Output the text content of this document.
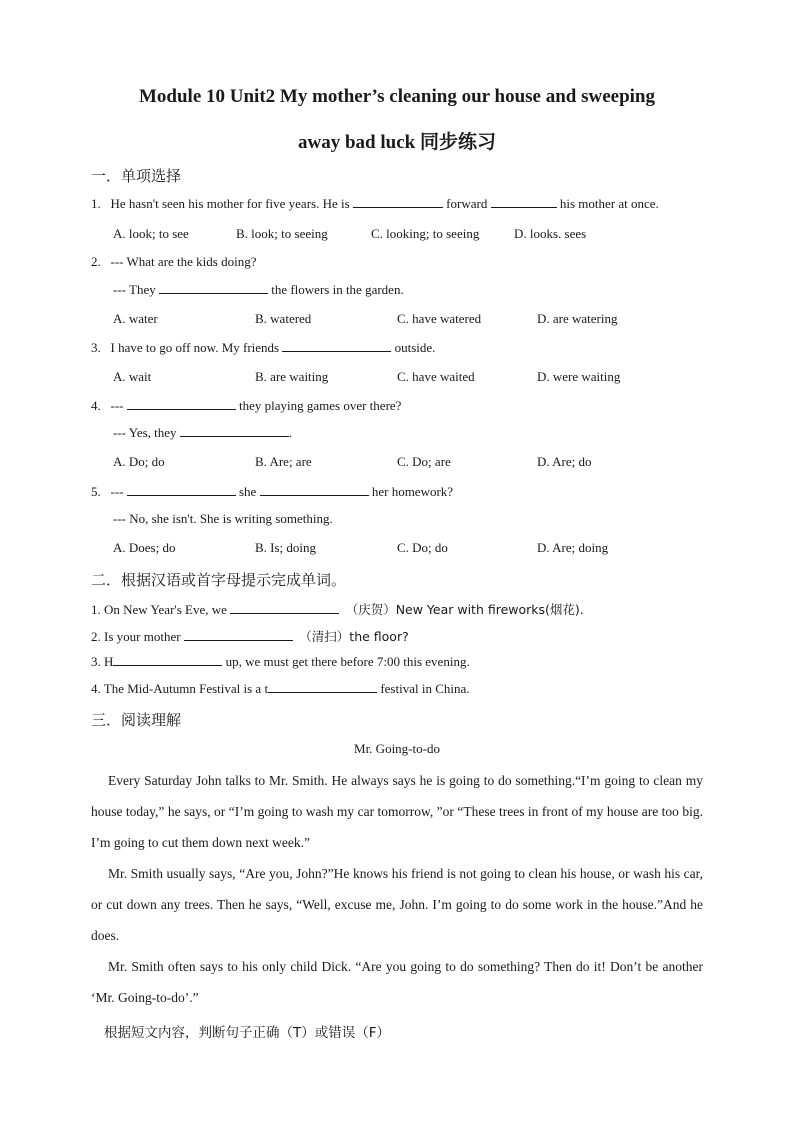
Module 10 Unit2 My mother’s cleaning our house and sweeping
away bad luck 同步练习
一．单项选择
1. He hasn't seen his mother for five years. He is	forward	his mother at once.
A. look; to see	B. look; to seeing	C. looking; to seeing	D. looks. sees
2. --- What are the kids doing?
--- They	the flowers in the garden.
A. water	B. watered	C. have watered	D. are watering
3. I have to go off now. My friends	outside.
A. wait	B. are waiting	C. have waited	D. were waiting
4. ---	they playing games over there?
--- Yes, they	.
A. Do; do	B. Are; are	C. Do; are	D. Are; do
5. ---	she	her homework?
--- No, she isn't. She is writing something.
A. Does; do	B. Is; doing	C. Do; do	D. Are; doing
二．根据汉语或首字母提示完成单词。
1. On New Year's Eve, we	（庆贺）New Year with fireworks(烟花).
2. Is your mother	（清扫）the floor?
3. H	up, we must get there before 7:00 this evening.
4. The Mid-Autumn Festival is a t	festival in China.
三．阅读理解
Mr. Going-to-do

Every Saturday John talks to Mr. Smith. He always says he is going to do something.“I’m going to clean my house today,” he says, or “I’m going to wash my car tomorrow, ”or “These trees in front of my house are too big. I’m going to cut them down next week.”

Mr. Smith usually says, “Are you, John?”He knows his friend is not going to clean his house, or wash his car, or cut down any trees. Then he says, “Well, excuse me, John. I’m going to do some work in the house.”And he does.

Mr. Smith often says to his only child Dick. “Are you going to do something? Then do it! Don’t be another ‘Mr. Going-to-do’.”

根据短文内容，判断句子正确（T）或错误（F）
